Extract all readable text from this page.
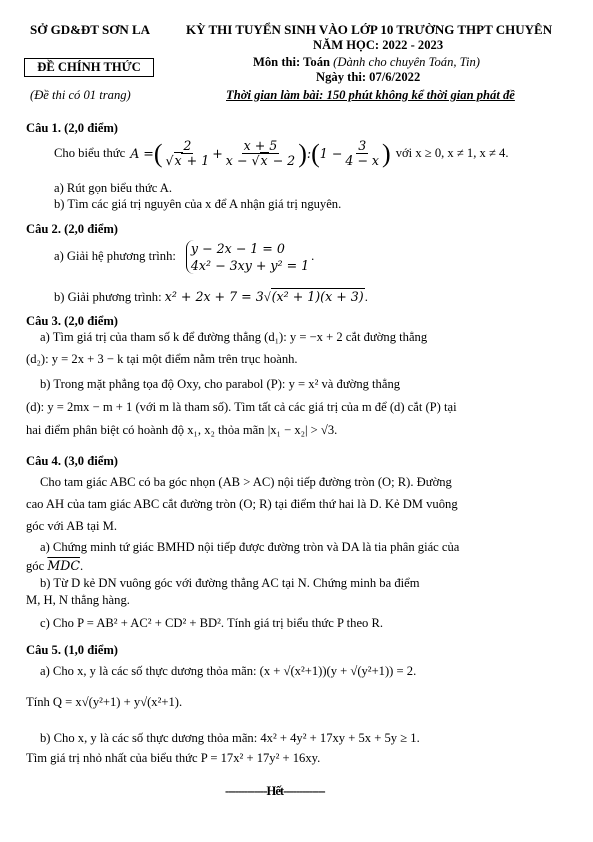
SỞ GD&ĐT SƠN LA	KỲ THI TUYỂN SINH VÀO LỚP 10 TRƯỜNG THPT CHUYÊN
NĂM HỌC: 2022 - 2023
ĐỀ CHÍNH THỨC	Môn thi: Toán (Dành cho chuyên Toán, Tin)
Ngày thi: 07/6/2022
(Đề thi có 01 trang)	Thời gian làm bài: 150 phút không kể thời gian phát đề
Câu 1. (2,0 điểm)
Cho biểu thức A = ( $\frac{2}{√x + 1} + \frac{x + 5}{x - √x - 2}$ ) : ( $1 - \frac{3}{4 - x}$ ) với x ≥ 0, x ≠ 1, x ≠ 4.
a) Rút gọn biểu thức A.
b) Tìm các giá trị nguyên của x để A nhận giá trị nguyên.
Câu 2. (2,0 điểm)
a) Giải hệ phương trình:
y − 2x − 1 = 0
4x² − 3xy + y² = 1
.
b) Giải phương trình: x² + 2x + 7 = 3√(x² + 1)(x + 3).
Câu 3. (2,0 điểm)
a) Tìm giá trị của tham số k để đường thẳng (d₁): y = −x + 2 cắt đường thẳng
(d₂): y = 2x + 3 − k tại một điểm nằm trên trục hoành.
b) Trong mặt phẳng tọa độ Oxy, cho parabol (P): y = x² và đường thẳng
(d): y = 2mx − m + 1 (với m là tham số). Tìm tất cả các giá trị của m để (d) cắt (P) tại
hai điểm phân biệt có hoành độ x₁, x₂ thỏa mãn |x₁ − x₂| > √3.
Câu 4. (3,0 điểm)
Cho tam giác ABC có ba góc nhọn (AB > AC) nội tiếp đường tròn (O; R). Đường
cao AH của tam giác ABC cắt đường tròn (O; R) tại điểm thứ hai là D. Kẻ DM vuông
góc với AB tại M.
a) Chứng minh tứ giác BMHD nội tiếp được đường tròn và DA là tia phân giác của
góc $\overline{MDC}$.
b) Từ D kẻ DN vuông góc với đường thẳng AC tại N. Chứng minh ba điểm
M, H, N thẳng hàng.
c) Cho P = AB² + AC² + CD² + BD². Tính giá trị biểu thức P theo R.
Câu 5. (1,0 điểm)
a) Cho x, y là các số thực dương thỏa mãn: (x + √(x²+1))(y + √(y²+1)) = 2.
Tính Q = x√(y²+1) + y√(x²+1).
b) Cho x, y là các số thực dương thỏa mãn: 4x² + 4y² + 17xy + 5x + 5y ≥ 1.
Tìm giá trị nhỏ nhất của biểu thức P = 17x² + 17y² + 16xy.
-------------Hết-------------
